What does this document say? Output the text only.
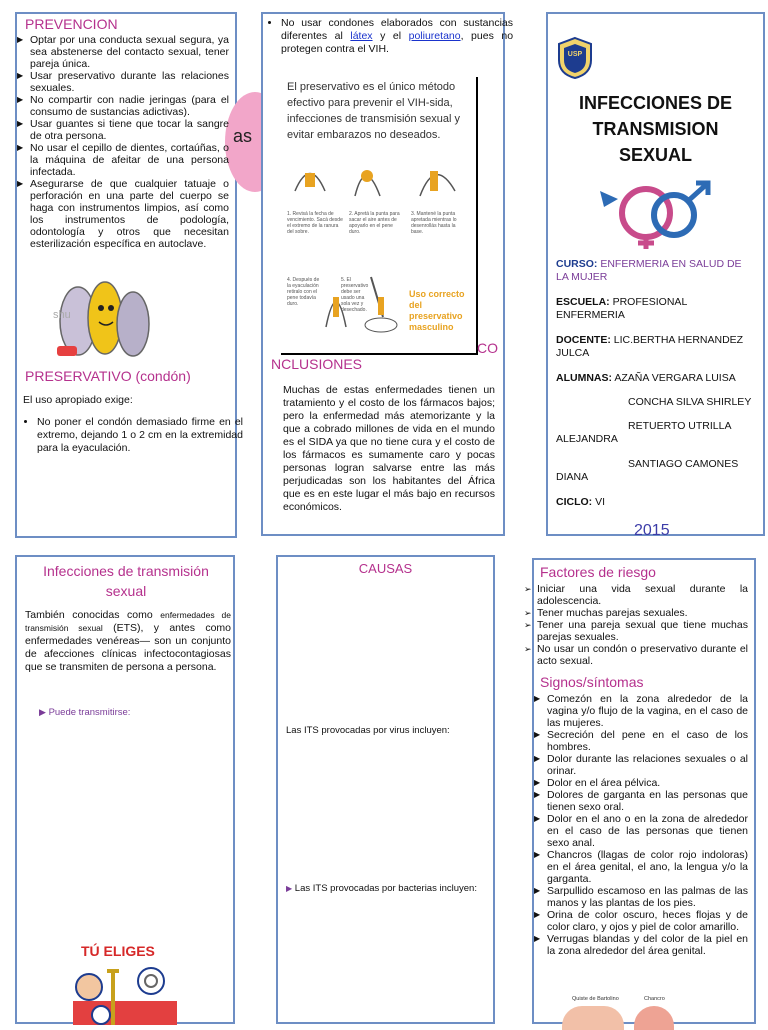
PREVENCION
as
▶ Optar por una conducta sexual segura, ya sea abstenerse del contacto sexual, tener pareja única.
▶ Usar preservativo durante las relaciones sexuales.
▶ No compartir con nadie jeringas (para el consumo de sustancias adictivas).
▶ Usar guantes si tiene que tocar la sangre de otra persona.
▶ No usar el cepillo de dientes, cortaúñas, o la máquina de afeitar de una persona infectada.
▶ Asegurarse de que cualquier tatuaje o perforación en una parte del cuerpo se haga con instrumentos limpios, así como los instrumentos de podología, odontología y otros que necesitan esterilización específica en autoclave.
shu
PRESERVATIVO (condón)
El uso apropiado exige:
• No poner el condón demasiado firme en el extremo, dejando 1 o 2 cm en la extremidad para la eyaculación.
• No usar condones elaborados con sustancias diferentes al látex y el poliuretano, pues no protegen contra el VIH.
El preservativo es el único método efectivo para prevenir el VIH-sida, infecciones de transmisión sexual y evitar embarazos no deseados.
1. Revisá la fecha de vencimiento. Sacá desde el extremo de la ranura del sobre.
2. Apretá la punta para sacar el aire antes de apoyarlo en el pene duro.
3. Mantené la punta apretada mientras lo desenrollás hasta la base.
4. Después de la eyaculación retiralo con el pene todavía duro.
5. El preservativo debe ser usado una sola vez y desechado.
Uso correcto del preservativo masculino
CO
NCLUSIONES
Muchas de estas enfermedades tienen un tratamiento y el costo de los fármacos bajos; pero la enfermedad más atemorizante y la que a cobrado millones de vida en el mundo es el SIDA ya que no tiene cura y el costo de los fármacos es sumamente caro y pocas personas logran salvarse entre las más perjudicadas son los habitantes del África que es en este lugar el más bajo en recursos económicos.
USP
INFECCIONES DE TRANSMISION SEXUAL
CURSO: ENFERMERIA EN SALUD DE LA MUJER
ESCUELA: PROFESIONAL ENFERMERIA
DOCENTE: LIC.BERTHA HERNANDEZ JULCA
ALUMNAS: AZAÑA VERGARA LUISA
CONCHA SILVA SHIRLEY
RETUERTO UTRILLA ALEJANDRA
SANTIAGO CAMONES DIANA
CICLO: VI
2015
Infecciones de transmisión sexual
También conocidas como enfermedades de transmisión sexual (ETS), y antes como enfermedades venéreas— son un conjunto de afecciones clínicas infectocontagiosas que se transmiten de persona a persona.
▶ Puede transmitirse:
TÚ ELIGES
CAUSAS
Las ITS provocadas por virus incluyen:
▶ Las ITS provocadas por bacterias incluyen:
Factores de riesgo
➢ Iniciar una vida sexual durante la adolescencia.
➢ Tener muchas parejas sexuales.
➢ Tener una pareja sexual que tiene muchas parejas sexuales.
➢ No usar un condón o preservativo durante el acto sexual.
Signos/síntomas
▶ Comezón en la zona alrededor de la vagina y/o flujo de la vagina, en el caso de las mujeres.
▶ Secreción del pene en el caso de los hombres.
▶ Dolor durante las relaciones sexuales o al orinar.
▶ Dolor en el área pélvica.
▶ Dolores de garganta en las personas que tienen sexo oral.
▶ Dolor en el ano o en la zona de alrededor en el caso de las personas que tienen sexo anal.
▶ Chancros (llagas de color rojo indoloras) en el área genital, el ano, la lengua y/o la garganta.
▶ Sarpullido escamoso en las palmas de las manos y las plantas de los pies.
▶ Orina de color oscuro, heces flojas y de color claro, y ojos y piel de color amarillo.
▶ Verrugas blandas y del color de la piel en la zona alrededor del área genital.
Quiste de Bartolino	Chancro
